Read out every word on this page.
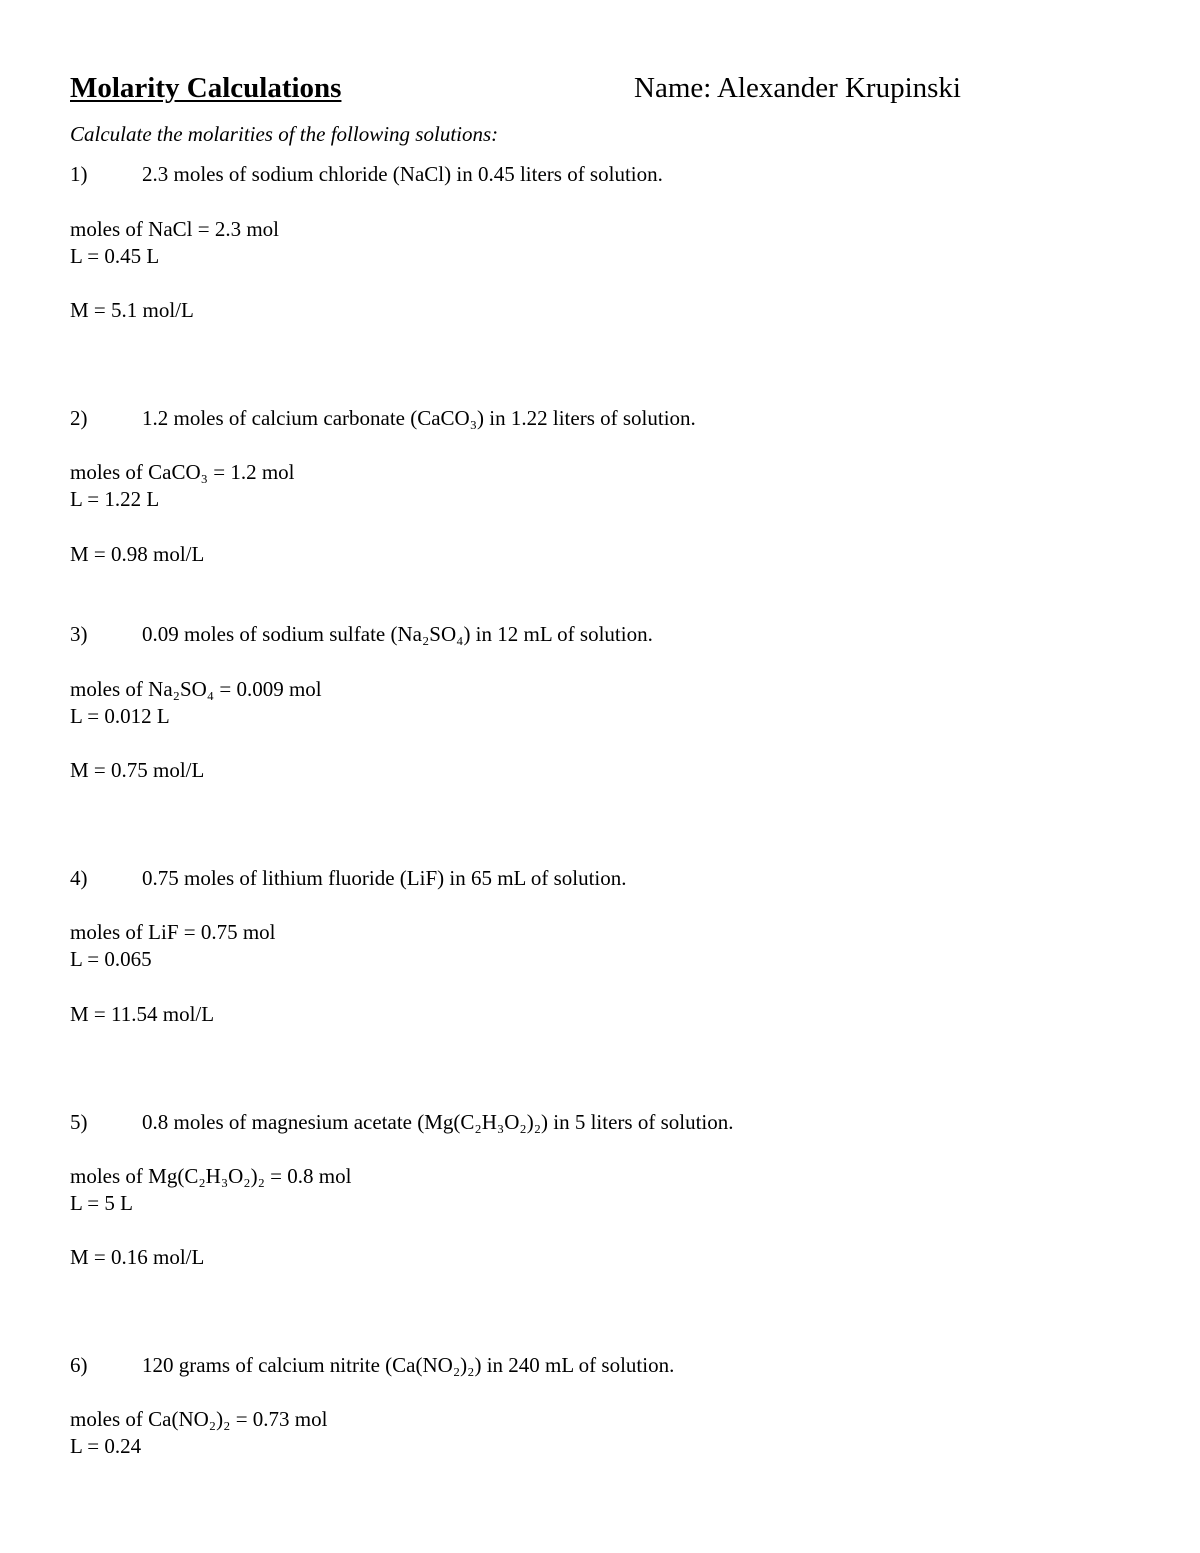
Molarity Calculations	Name: Alexander Krupinski
Calculate the molarities of the following solutions:
1)	2.3 moles of sodium chloride (NaCl) in 0.45 liters of solution.
moles of NaCl = 2.3 mol
L = 0.45 L
M = 5.1 mol/L
2)	1.2 moles of calcium carbonate (CaCO₃) in 1.22 liters of solution.
moles of CaCO₃ = 1.2 mol
L = 1.22 L
M = 0.98 mol/L
3)	0.09 moles of sodium sulfate (Na₂SO₄) in 12 mL of solution.
moles of Na₂SO₄ = 0.009 mol
L = 0.012 L
M = 0.75 mol/L
4)	0.75 moles of lithium fluoride (LiF) in 65 mL of solution.
moles of LiF = 0.75 mol
L = 0.065
M = 11.54 mol/L
5)	0.8 moles of magnesium acetate (Mg(C₂H₃O₂)₂) in 5 liters of solution.
moles of Mg(C₂H₃O₂)₂ = 0.8 mol
L = 5 L
M = 0.16 mol/L
6)	120 grams of calcium nitrite (Ca(NO₂)₂) in 240 mL of solution.
moles of Ca(NO₂)₂ = 0.73 mol
L = 0.24
